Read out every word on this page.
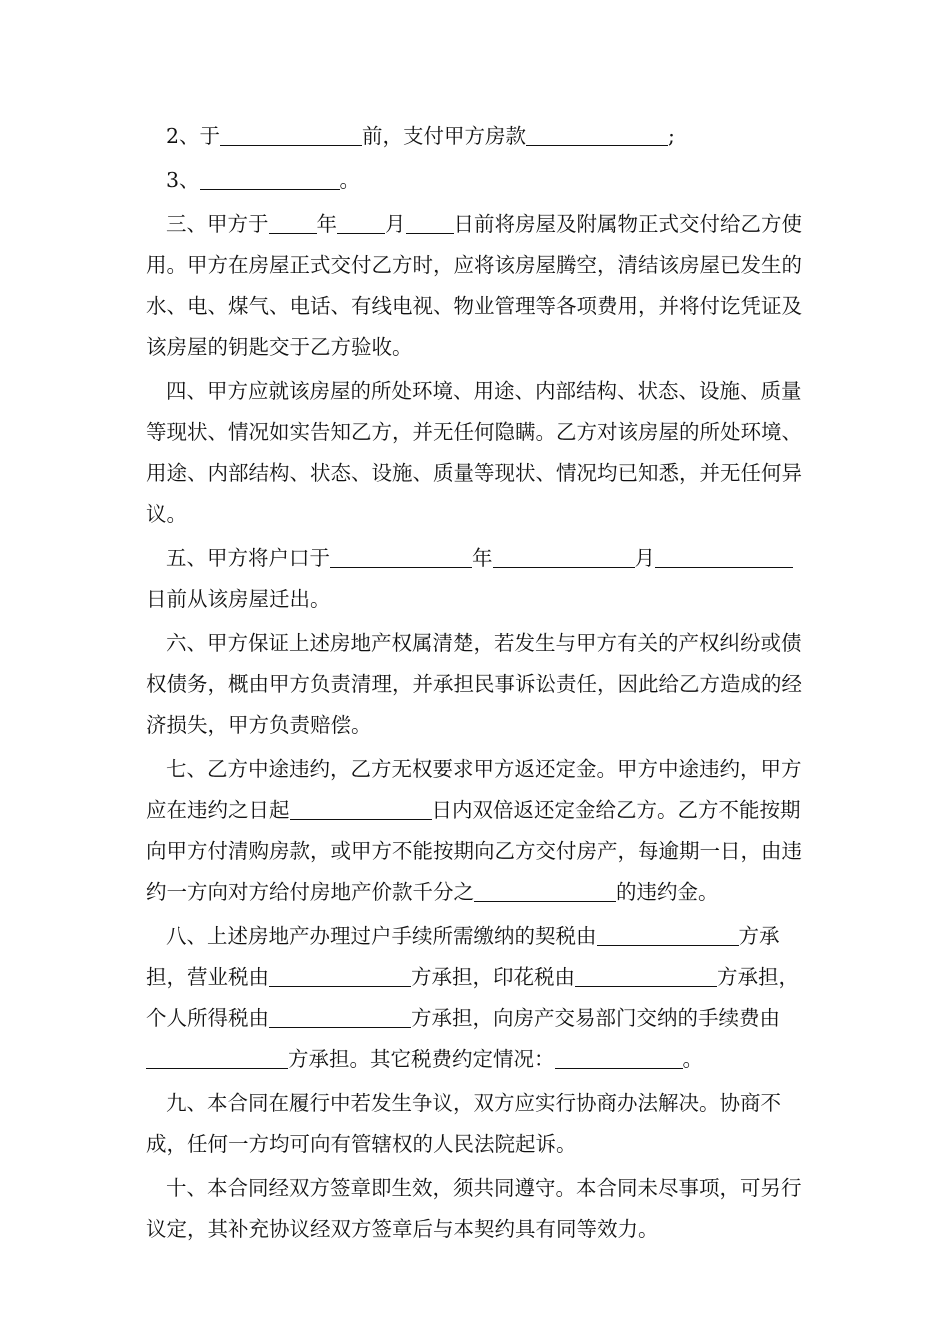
2、于	前，支付甲方房款	;

3、	。

三、甲方于 年 月 日前将房屋及附属物正式交付给乙方使用。甲方在房屋正式交付乙方时，应将该房屋腾空，清结该房屋已发生的水、电、煤气、电话、有线电视、物业管理等各项费用，并将付讫凭证及该房屋的钥匙交于乙方验收。

四、甲方应就该房屋的所处环境、用途、内部结构、状态、设施、质量等现状、情况如实告知乙方，并无任何隐瞒。乙方对该房屋的所处环境、用途、内部结构、状态、设施、质量等现状、情况均已知悉，并无任何异议。

五、甲方将户口于	年	月日前从该房屋迁出。

六、甲方保证上述房地产权属清楚，若发生与甲方有关的产权纠纷或债权债务，概由甲方负责清理，并承担民事诉讼责任，因此给乙方造成的经济损失，甲方负责赔偿。

七、乙方中途违约，乙方无权要求甲方返还定金。甲方中途违约，甲方应在违约之日起	日内双倍返还定金给乙方。乙方不能按期向甲方付清购房款，或甲方不能按期向乙方交付房产，每逾期一日，由违约一方向对方给付房地产价款千分之	的违约金。

八、上述房地产办理过户手续所需缴纳的契税由	方承担，营业税由	方承担，印花税由	方承担，个人所得税由	方承担，向房产交易部门交纳的手续费由方承担。其它税费约定情况：	。

九、本合同在履行中若发生争议，双方应实行协商办法解决。协商不成，任何一方均可向有管辖权的人民法院起诉。

十、本合同经双方签章即生效，须共同遵守。本合同未尽事项，可另行议定，其补充协议经双方签章后与本契约具有同等效力。
